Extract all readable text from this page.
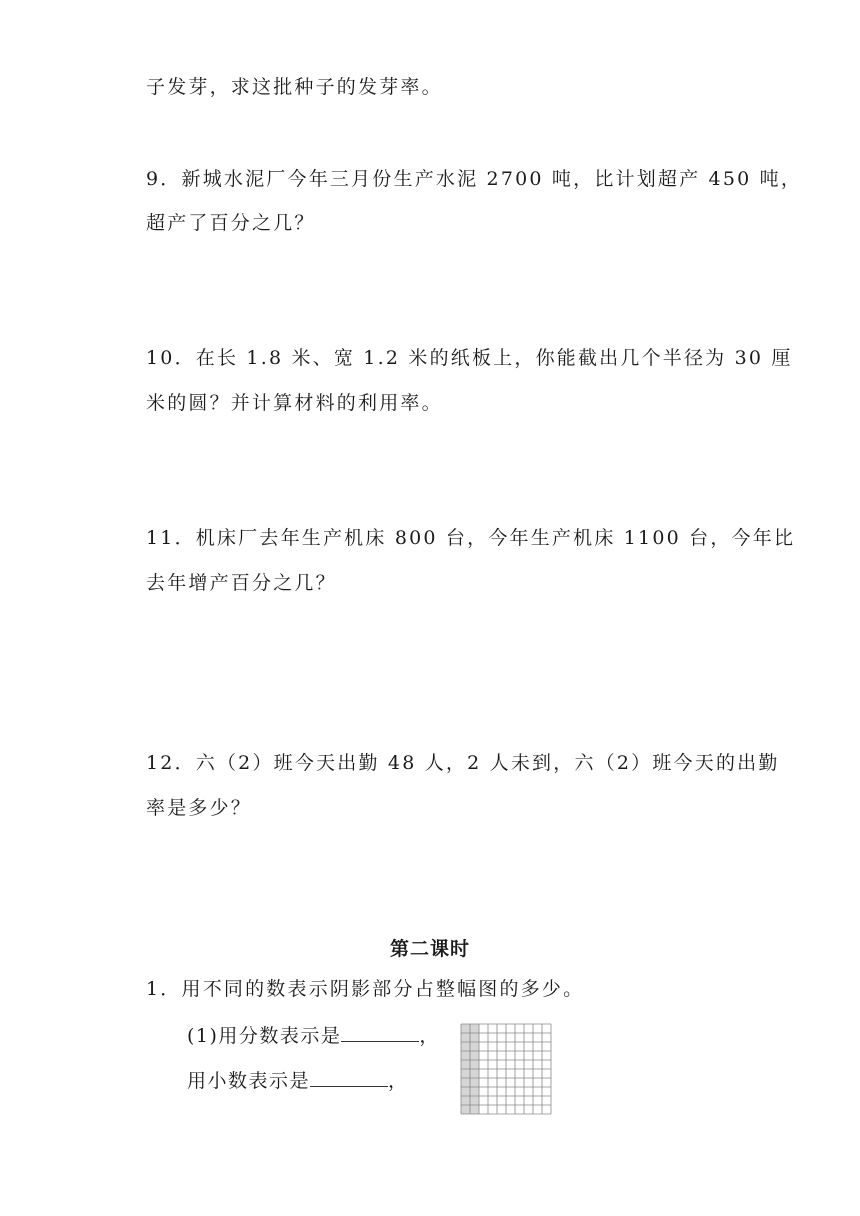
子发芽，求这批种子的发芽率。
9．新城水泥厂今年三月份生产水泥 2700 吨，比计划超产 450 吨，
超产了百分之几？
10．在长 1.8 米、宽 1.2 米的纸板上，你能截出几个半径为 30 厘
米的圆？并计算材料的利用率。
11．机床厂去年生产机床 800 台，今年生产机床 1100 台，今年比
去年增产百分之几？
12．六（2）班今天出勤 48 人，2 人未到，六（2）班今天的出勤
率是多少？
第二课时
1．用不同的数表示阴影部分占整幅图的多少。
(1)用分数表示是	，
用小数表示是	，
